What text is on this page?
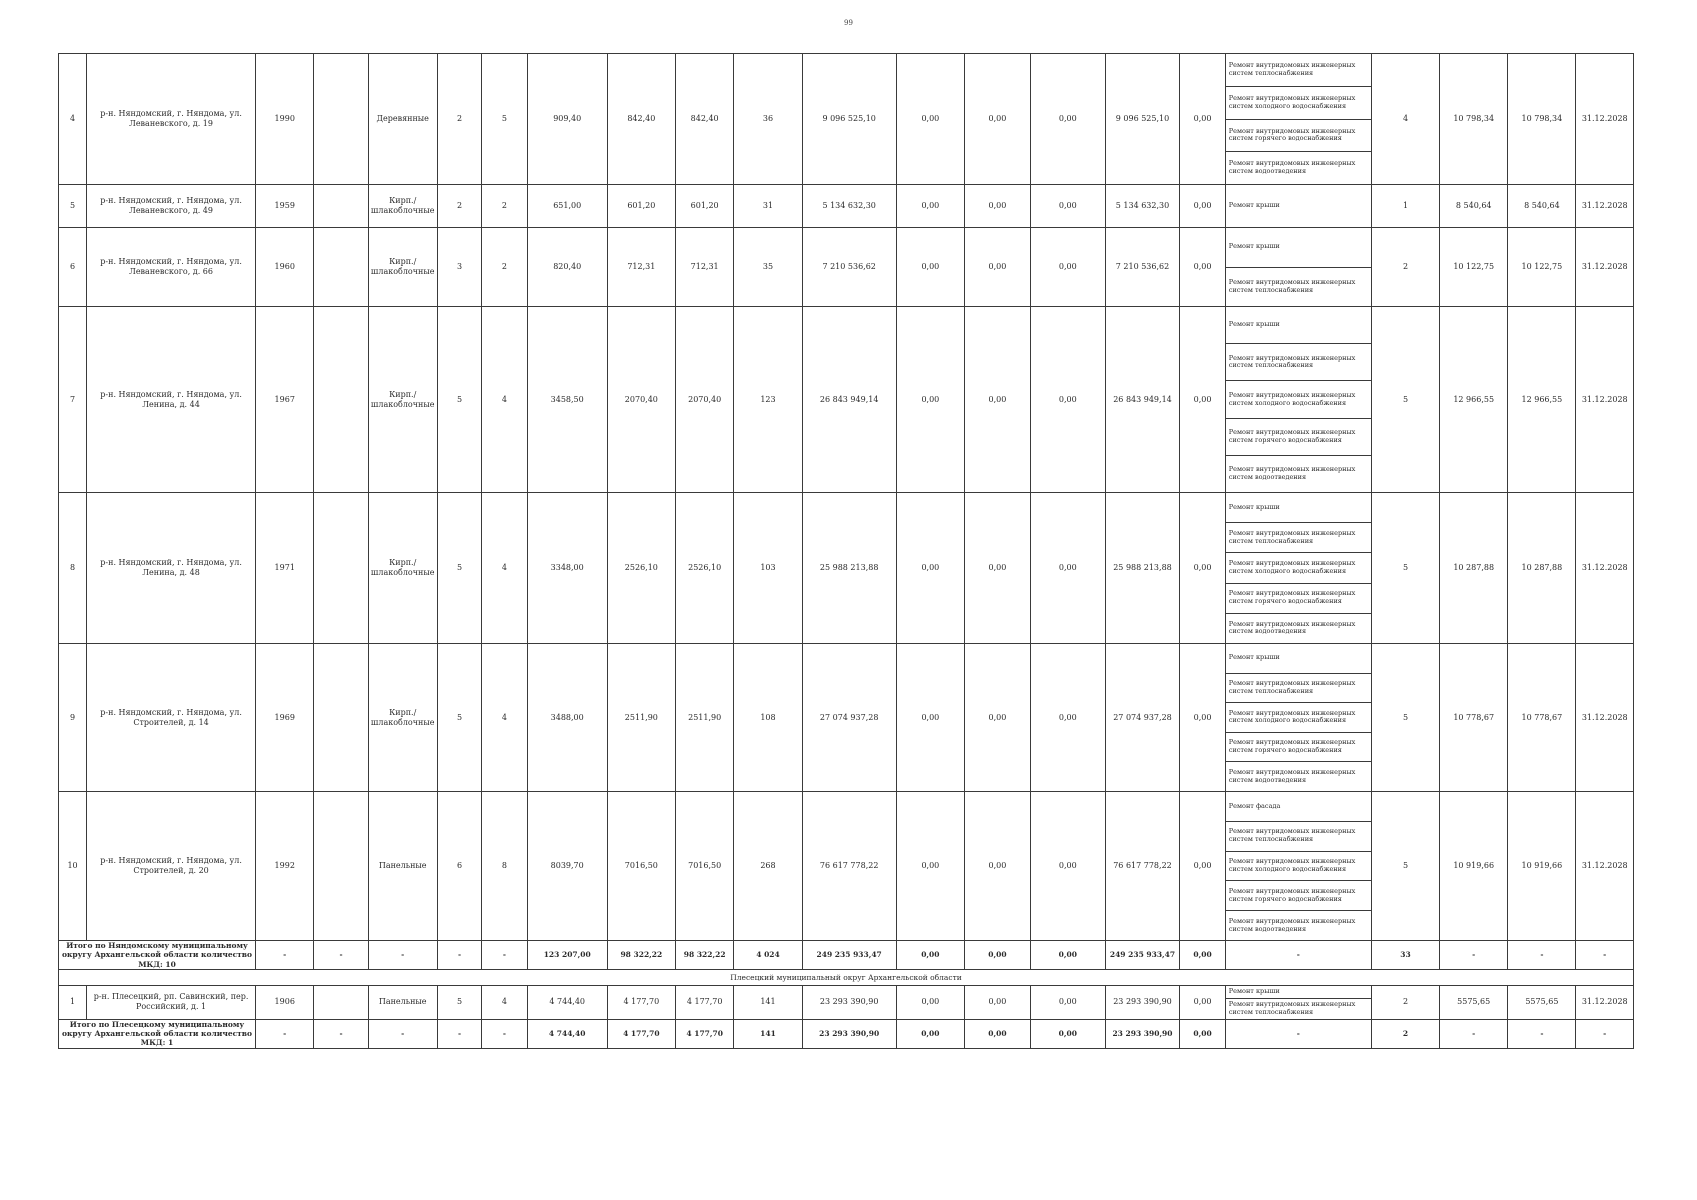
99
4	р-н. Няндомский, г. Няндома, ул. Леваневского, д. 19	1990		Деревянные	2	5	909,40	842,40	842,40	36	9 096 525,10	0,00	0,00	0,00	9 096 525,10	0,00	Ремонт внутридомовых инженерных систем теплоснабжения
Ремонт внутридомовых инженерных систем холодного водоснабжения
Ремонт внутридомовых инженерных систем горячего водоснабжения
Ремонт внутридомовых инженерных систем водоотведения	4	10 798,34	10 798,34	31.12.2028
5	р-н. Няндомский, г. Няндома, ул. Леваневского, д. 49	1959		Кирп./ шлакоблочные	2	2	651,00	601,20	601,20	31	5 134 632,30	0,00	0,00	0,00	5 134 632,30	0,00	Ремонт крыши	1	8 540,64	8 540,64	31.12.2028
6	р-н. Няндомский, г. Няндома, ул. Леваневского, д. 66	1960		Кирп./ шлакоблочные	3	2	820,40	712,31	712,31	35	7 210 536,62	0,00	0,00	0,00	7 210 536,62	0,00	Ремонт крыши
Ремонт внутридомовых инженерных систем теплоснабжения	2	10 122,75	10 122,75	31.12.2028
7	р-н. Няндомский, г. Няндома, ул. Ленина, д. 44	1967		Кирп./ шлакоблочные	5	4	3458,50	2070,40	2070,40	123	26 843 949,14	0,00	0,00	0,00	26 843 949,14	0,00	Ремонт крыши
Ремонт внутридомовых инженерных систем теплоснабжения
Ремонт внутридомовых инженерных систем холодного водоснабжения
Ремонт внутридомовых инженерных систем горячего водоснабжения
Ремонт внутридомовых инженерных систем водоотведения	5	12 966,55	12 966,55	31.12.2028
8	р-н. Няндомский, г. Няндома, ул. Ленина, д. 48	1971		Кирп./ шлакоблочные	5	4	3348,00	2526,10	2526,10	103	25 988 213,88	0,00	0,00	0,00	25 988 213,88	0,00	Ремонт крыши
Ремонт внутридомовых инженерных систем теплоснабжения
Ремонт внутридомовых инженерных систем холодного водоснабжения
Ремонт внутридомовых инженерных систем горячего водоснабжения
Ремонт внутридомовых инженерных систем водоотведения	5	10 287,88	10 287,88	31.12.2028
9	р-н. Няндомский, г. Няндома, ул. Строителей, д. 14	1969		Кирп./ шлакоблочные	5	4	3488,00	2511,90	2511,90	108	27 074 937,28	0,00	0,00	0,00	27 074 937,28	0,00	Ремонт крыши
Ремонт внутридомовых инженерных систем теплоснабжения
Ремонт внутридомовых инженерных систем холодного водоснабжения
Ремонт внутридомовых инженерных систем горячего водоснабжения
Ремонт внутридомовых инженерных систем водоотведения	5	10 778,67	10 778,67	31.12.2028
10	р-н. Няндомский, г. Няндома, ул. Строителей, д. 20	1992		Панельные	6	8	8039,70	7016,50	7016,50	268	76 617 778,22	0,00	0,00	0,00	76 617 778,22	0,00	Ремонт фасада
Ремонт внутридомовых инженерных систем теплоснабжения
Ремонт внутридомовых инженерных систем холодного водоснабжения
Ремонт внутридомовых инженерных систем горячего водоснабжения
Ремонт внутридомовых инженерных систем водоотведения	5	10 919,66	10 919,66	31.12.2028
Итого по Няндомскому муниципальному округу Архангельской области количество МКД: 10		-	-	-	-	-	123 207,00	98 322,22	98 322,22	4 024	249 235 933,47	0,00	0,00	0,00	249 235 933,47	0,00	-	33	-	-	-
Плесецкий муниципальный округ Архангельской области																					
1	р-н. Плесецкий, рп. Савинский, пер. Российский, д. 1	1906		Панельные	5	4	4 744,40	4 177,70	4 177,70	141	23 293 390,90	0,00	0,00	0,00	23 293 390,90	0,00	Ремонт крыши
Ремонт внутридомовых инженерных систем теплоснабжения	2	5575,65	5575,65	31.12.2028
Итого по Плесецкому муниципальному округу Архангельской области количество МКД: 1		-	-	-	-	-	4 744,40	4 177,70	4 177,70	141	23 293 390,90	0,00	0,00	0,00	23 293 390,90	0,00	-	2	-	-	-
